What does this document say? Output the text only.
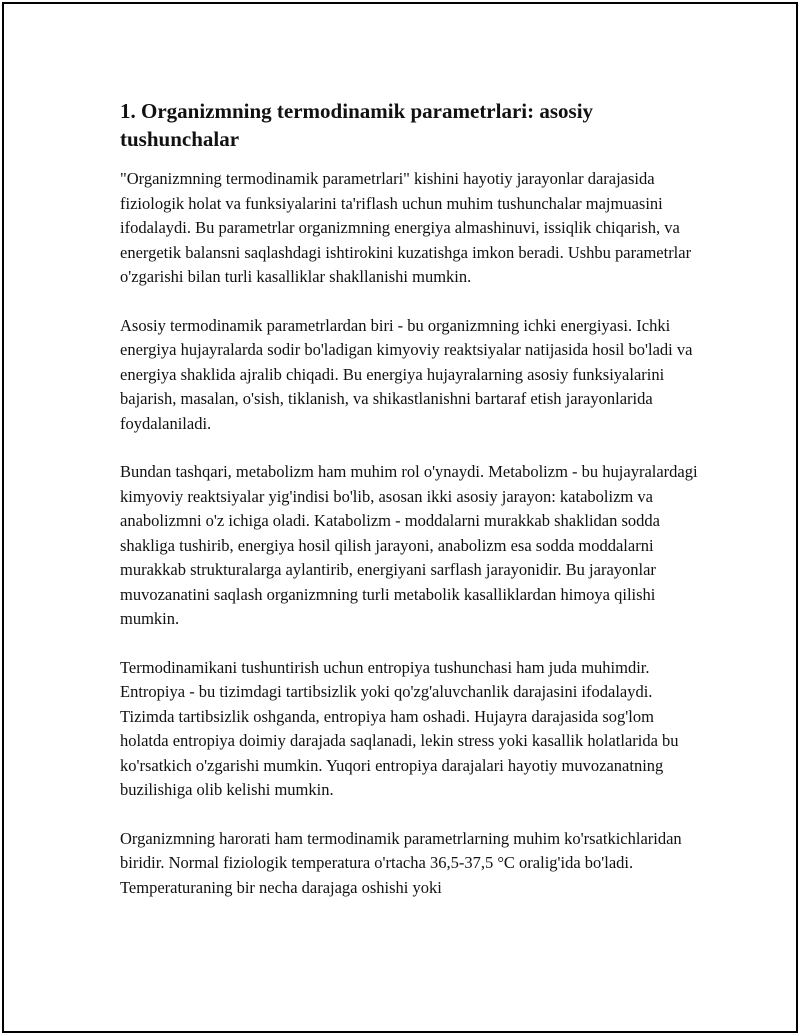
1. Organizmning termodinamik parametrlari: asosiy tushunchalar

"Organizmning termodinamik parametrlari" kishini hayotiy jarayonlar darajasida fiziologik holat va funksiyalarini ta'riflash uchun muhim tushunchalar majmuasini ifodalaydi. Bu parametrlar organizmning energiya almashinuvi, issiqlik chiqarish, va energetik balansni saqlashdagi ishtirokini kuzatishga imkon beradi. Ushbu parametrlar o'zgarishi bilan turli kasalliklar shakllanishi mumkin.

Asosiy termodinamik parametrlardan biri - bu organizmning ichki energiyasi. Ichki energiya hujayralarda sodir bo'ladigan kimyoviy reaktsiyalar natijasida hosil bo'ladi va energiya shaklida ajralib chiqadi. Bu energiya hujayralarning asosiy funksiyalarini bajarish, masalan, o'sish, tiklanish, va shikastlanishni bartaraf etish jarayonlarida foydalaniladi.

Bundan tashqari, metabolizm ham muhim rol o'ynaydi. Metabolizm - bu hujayralardagi kimyoviy reaktsiyalar yig'indisi bo'lib, asosan ikki asosiy jarayon: katabolizm va anabolizmni o'z ichiga oladi. Katabolizm - moddalarni murakkab shaklidan sodda shakliga tushirib, energiya hosil qilish jarayoni, anabolizm esa sodda moddalarni murakkab strukturalarga aylantirib, energiyani sarflash jarayonidir. Bu jarayonlar muvozanatini saqlash organizmning turli metabolik kasalliklardan himoya qilishi mumkin.

Termodinamikani tushuntirish uchun entropiya tushunchasi ham juda muhimdir. Entropiya - bu tizimdagi tartibsizlik yoki qo'zg'aluvchanlik darajasini ifodalaydi. Tizimda tartibsizlik oshganda, entropiya ham oshadi. Hujayra darajasida sog'lom holatda entropiya doimiy darajada saqlanadi, lekin stress yoki kasallik holatlarida bu ko'rsatkich o'zgarishi mumkin. Yuqori entropiya darajalari hayotiy muvozanatning buzilishiga olib kelishi mumkin.

Organizmning harorati ham termodinamik parametrlarning muhim ko'rsatkichlaridan biridir. Normal fiziologik temperatura o'rtacha 36,5-37,5 °C oralig'ida bo'ladi. Temperaturaning bir necha darajaga oshishi yoki
